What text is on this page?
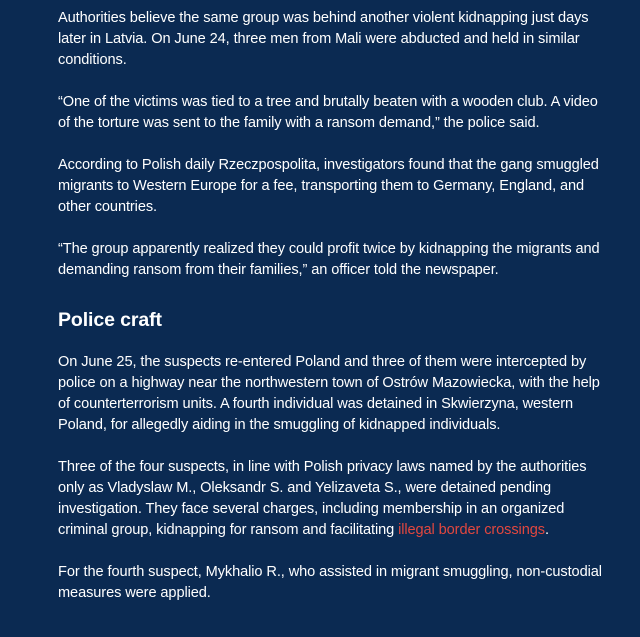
Authorities believe the same group was behind another violent kidnapping just days later in Latvia. On June 24, three men from Mali were abducted and held in similar conditions.

“One of the victims was tied to a tree and brutally beaten with a wooden club. A video of the torture was sent to the family with a ransom demand,” the police said.

According to Polish daily Rzeczpospolita, investigators found that the gang smuggled migrants to Western Europe for a fee, transporting them to Germany, England, and other countries.

“The group apparently realized they could profit twice by kidnapping the migrants and demanding ransom from their families,” an officer told the newspaper.

Police craft

On June 25, the suspects re-entered Poland and three of them were intercepted by police on a highway near the northwestern town of Ostrów Mazowiecka, with the help of counterterrorism units. A fourth individual was detained in Skwierzyna, western Poland, for allegedly aiding in the smuggling of kidnapped individuals.

Three of the four suspects, in line with Polish privacy laws named by the authorities only as Vladyslaw M., Oleksandr S. and Yelizaveta S., were detained pending investigation. They face several charges, including membership in an organized criminal group, kidnapping for ransom and facilitating illegal border crossings.

For the fourth suspect, Mykhalio R., who assisted in migrant smuggling, non-custodial measures were applied.
